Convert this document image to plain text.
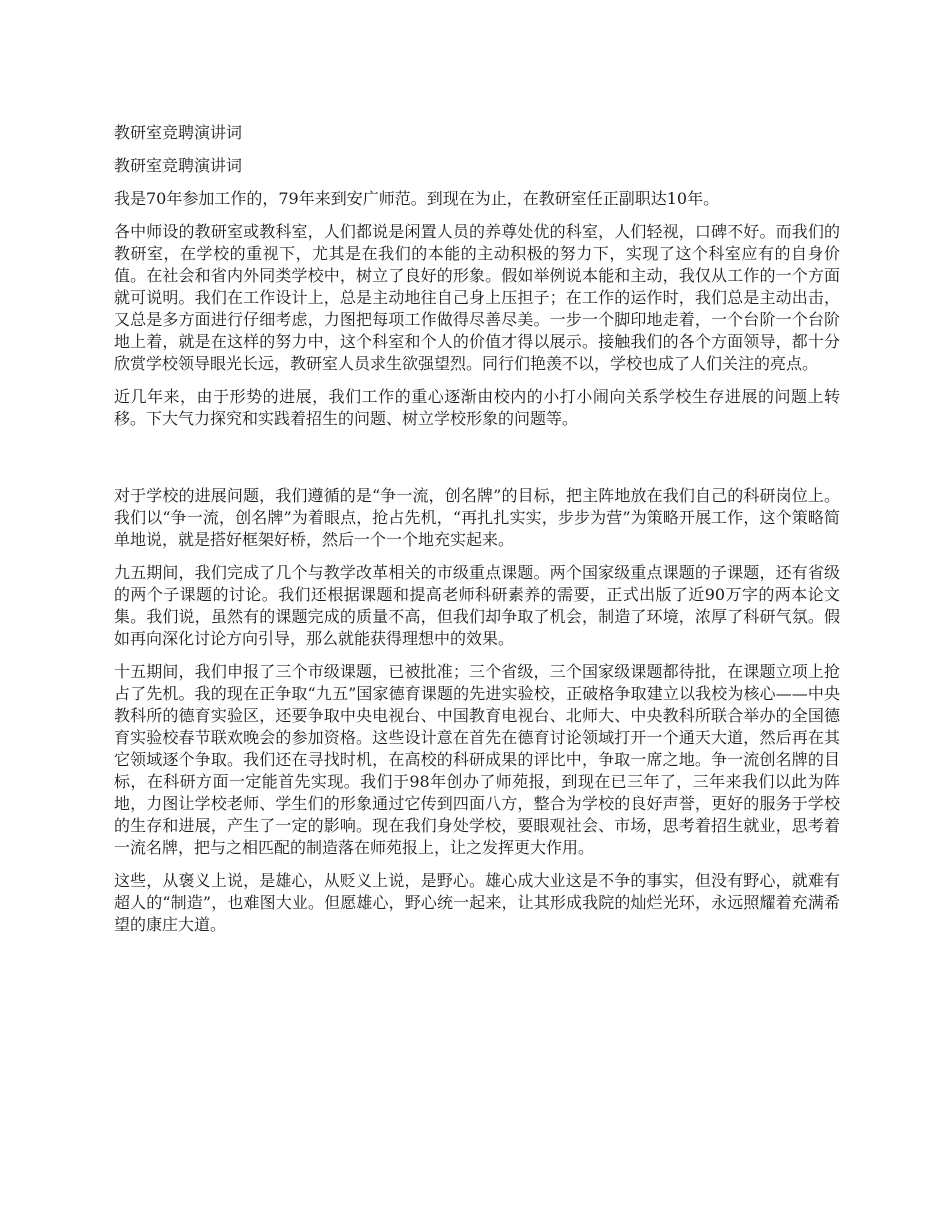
教研室竞聘演讲词
教研室竞聘演讲词
我是70年参加工作的，79年来到安广师范。到现在为止，在教研室任正副职达10年。
各中师设的教研室或教科室，人们都说是闲置人员的养尊处优的科室，人们轻视，口碑不好。而我们的教研室，在学校的重视下，尤其是在我们的本能的主动积极的努力下，实现了这个科室应有的自身价值。在社会和省内外同类学校中，树立了良好的形象。假如举例说本能和主动，我仅从工作的一个方面就可说明。我们在工作设计上，总是主动地往自己身上压担子；在工作的运作时，我们总是主动出击，又总是多方面进行仔细考虑，力图把每项工作做得尽善尽美。一步一个脚印地走着，一个台阶一个台阶地上着，就是在这样的努力中，这个科室和个人的价值才得以展示。接触我们的各个方面领导，都十分欣赏学校领导眼光长远，教研室人员求生欲强望烈。同行们艳羡不以，学校也成了人们关注的亮点。
近几年来，由于形势的进展，我们工作的重心逐渐由校内的小打小闹向关系学校生存进展的问题上转移。下大气力探究和实践着招生的问题、树立学校形象的问题等。
对于学校的进展问题，我们遵循的是“争一流，创名牌”的目标，把主阵地放在我们自己的科研岗位上。我们以“争一流，创名牌”为着眼点，抢占先机，“再扎扎实实，步步为营”为策略开展工作，这个策略简单地说，就是搭好框架好桥，然后一个一个地充实起来。
九五期间，我们完成了几个与教学改革相关的市级重点课题。两个国家级重点课题的子课题，还有省级的两个子课题的讨论。我们还根据课题和提高老师科研素养的需要，正式出版了近90万字的两本论文集。我们说，虽然有的课题完成的质量不高，但我们却争取了机会，制造了环境，浓厚了科研气氛。假如再向深化讨论方向引导，那么就能获得理想中的效果。
十五期间，我们申报了三个市级课题，已被批准；三个省级，三个国家级课题都待批，在课题立项上抢占了先机。我的现在正争取“九五”国家德育课题的先进实验校，正破格争取建立以我校为核心——中央教科所的德育实验区，还要争取中央电视台、中国教育电视台、北师大、中央教科所联合举办的全国德育实验校春节联欢晚会的参加资格。这些设计意在首先在德育讨论领域打开一个通天大道，然后再在其它领域逐个争取。我们还在寻找时机，在高校的科研成果的评比中，争取一席之地。争一流创名牌的目标，在科研方面一定能首先实现。我们于98年创办了师苑报，到现在已三年了，三年来我们以此为阵地，力图让学校老师、学生们的形象通过它传到四面八方，整合为学校的良好声誉，更好的服务于学校的生存和进展，产生了一定的影响。现在我们身处学校，要眼观社会、市场，思考着招生就业，思考着一流名牌，把与之相匹配的制造落在师苑报上，让之发挥更大作用。
这些，从褒义上说，是雄心，从贬义上说，是野心。雄心成大业这是不争的事实，但没有野心，就难有超人的“制造”，也难图大业。但愿雄心，野心统一起来，让其形成我院的灿烂光环，永远照耀着充满希望的康庄大道。
